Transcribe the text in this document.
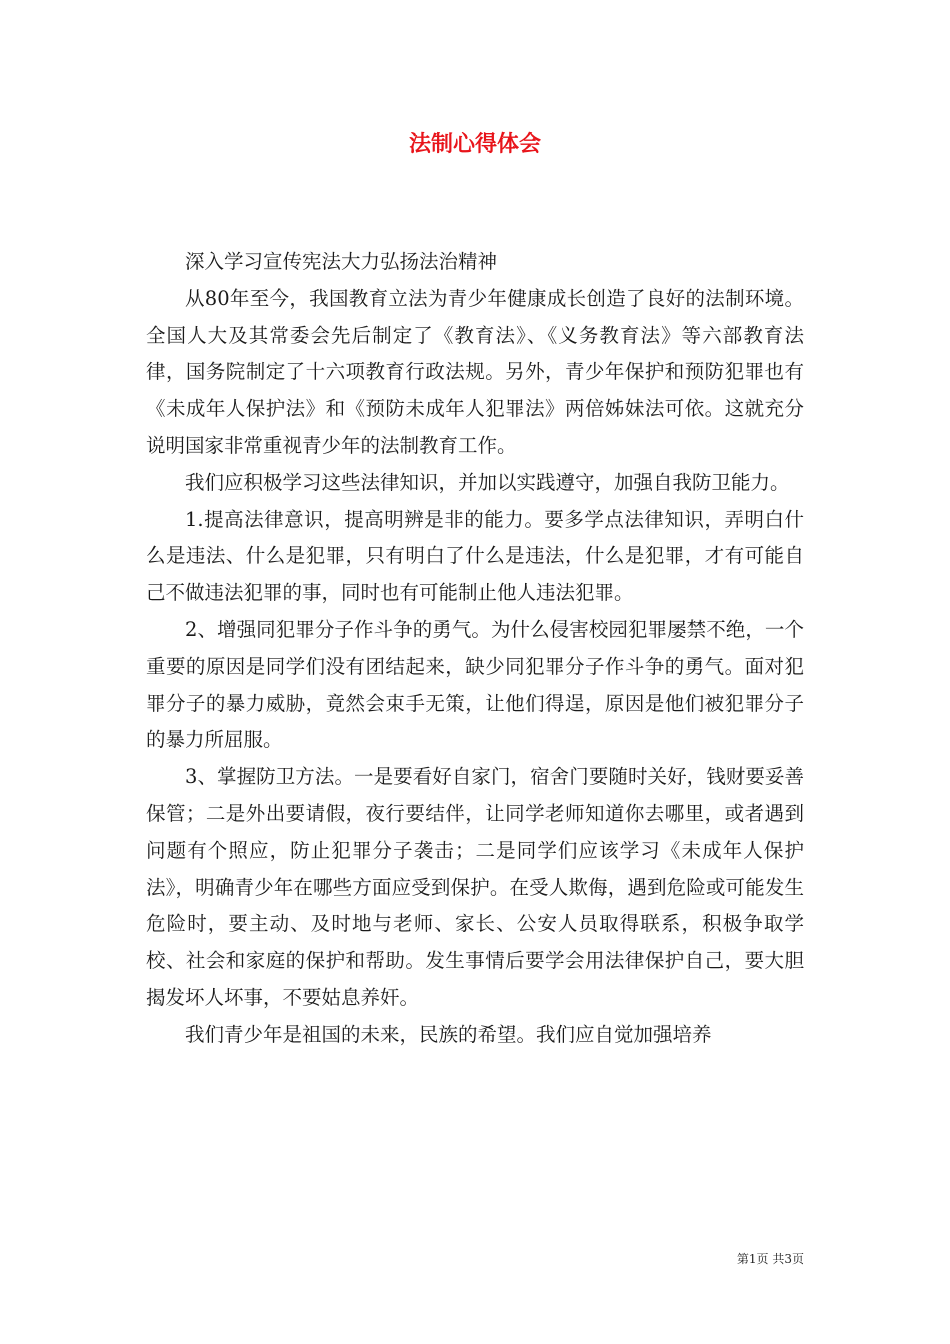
法制心得体会

深入学习宣传宪法大力弘扬法治精神

从80年至今，我国教育立法为青少年健康成长创造了良好的法制环境。全国人大及其常委会先后制定了《教育法》、《义务教育法》等六部教育法律，国务院制定了十六项教育行政法规。另外，青少年保护和预防犯罪也有《未成年人保护法》和《预防未成年人犯罪法》两倍姊妹法可依。这就充分说明国家非常重视青少年的法制教育工作。

我们应积极学习这些法律知识，并加以实践遵守，加强自我防卫能力。

1.提高法律意识，提高明辨是非的能力。要多学点法律知识，弄明白什么是违法、什么是犯罪，只有明白了什么是违法，什么是犯罪，才有可能自己不做违法犯罪的事，同时也有可能制止他人违法犯罪。

2、增强同犯罪分子作斗争的勇气。为什么侵害校园犯罪屡禁不绝，一个重要的原因是同学们没有团结起来，缺少同犯罪分子作斗争的勇气。面对犯罪分子的暴力威胁，竟然会束手无策，让他们得逞，原因是他们被犯罪分子的暴力所屈服。

3、掌握防卫方法。一是要看好自家门，宿舍门要随时关好，钱财要妥善保管；二是外出要请假，夜行要结伴，让同学老师知道你去哪里，或者遇到问题有个照应，防止犯罪分子袭击；二是同学们应该学习《未成年人保护法》，明确青少年在哪些方面应受到保护。在受人欺侮，遇到危险或可能发生危险时，要主动、及时地与老师、家长、公安人员取得联系，积极争取学校、社会和家庭的保护和帮助。发生事情后要学会用法律保护自己，要大胆揭发坏人坏事，不要姑息养奸。

我们青少年是祖国的未来，民族的希望。我们应自觉加强培养

第1页 共3页
